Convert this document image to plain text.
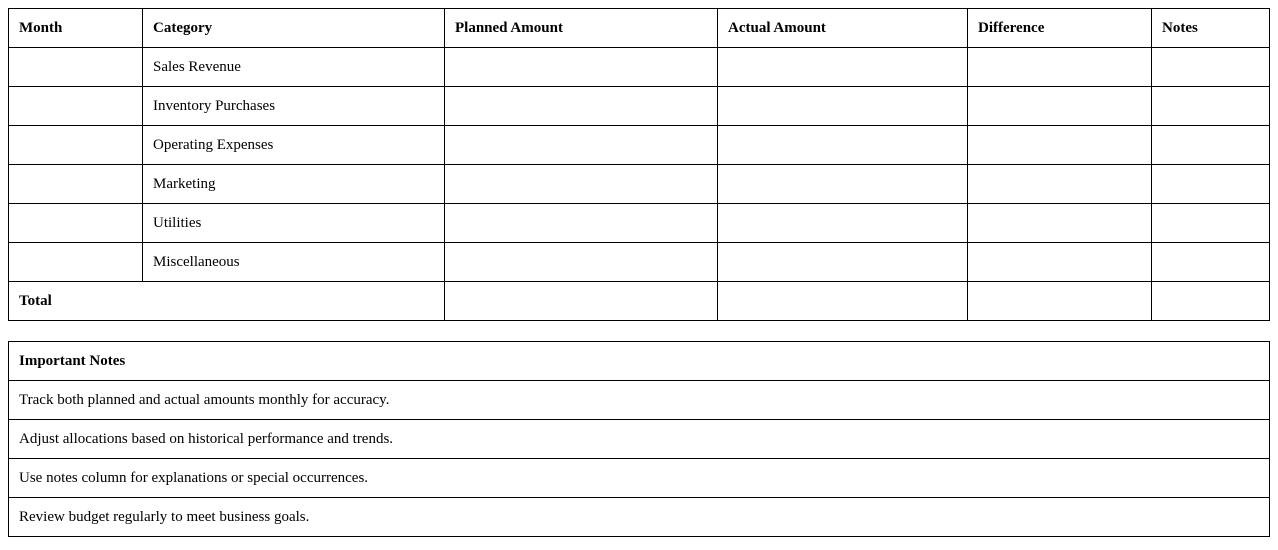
Month	Category	Planned Amount	Actual Amount	Difference	Notes
	Sales Revenue				
	Inventory Purchases				
	Operating Expenses				
	Marketing				
	Utilities				
	Miscellaneous				
Total					
Important Notes
Track both planned and actual amounts monthly for accuracy.
Adjust allocations based on historical performance and trends.
Use notes column for explanations or special occurrences.
Review budget regularly to meet business goals.
